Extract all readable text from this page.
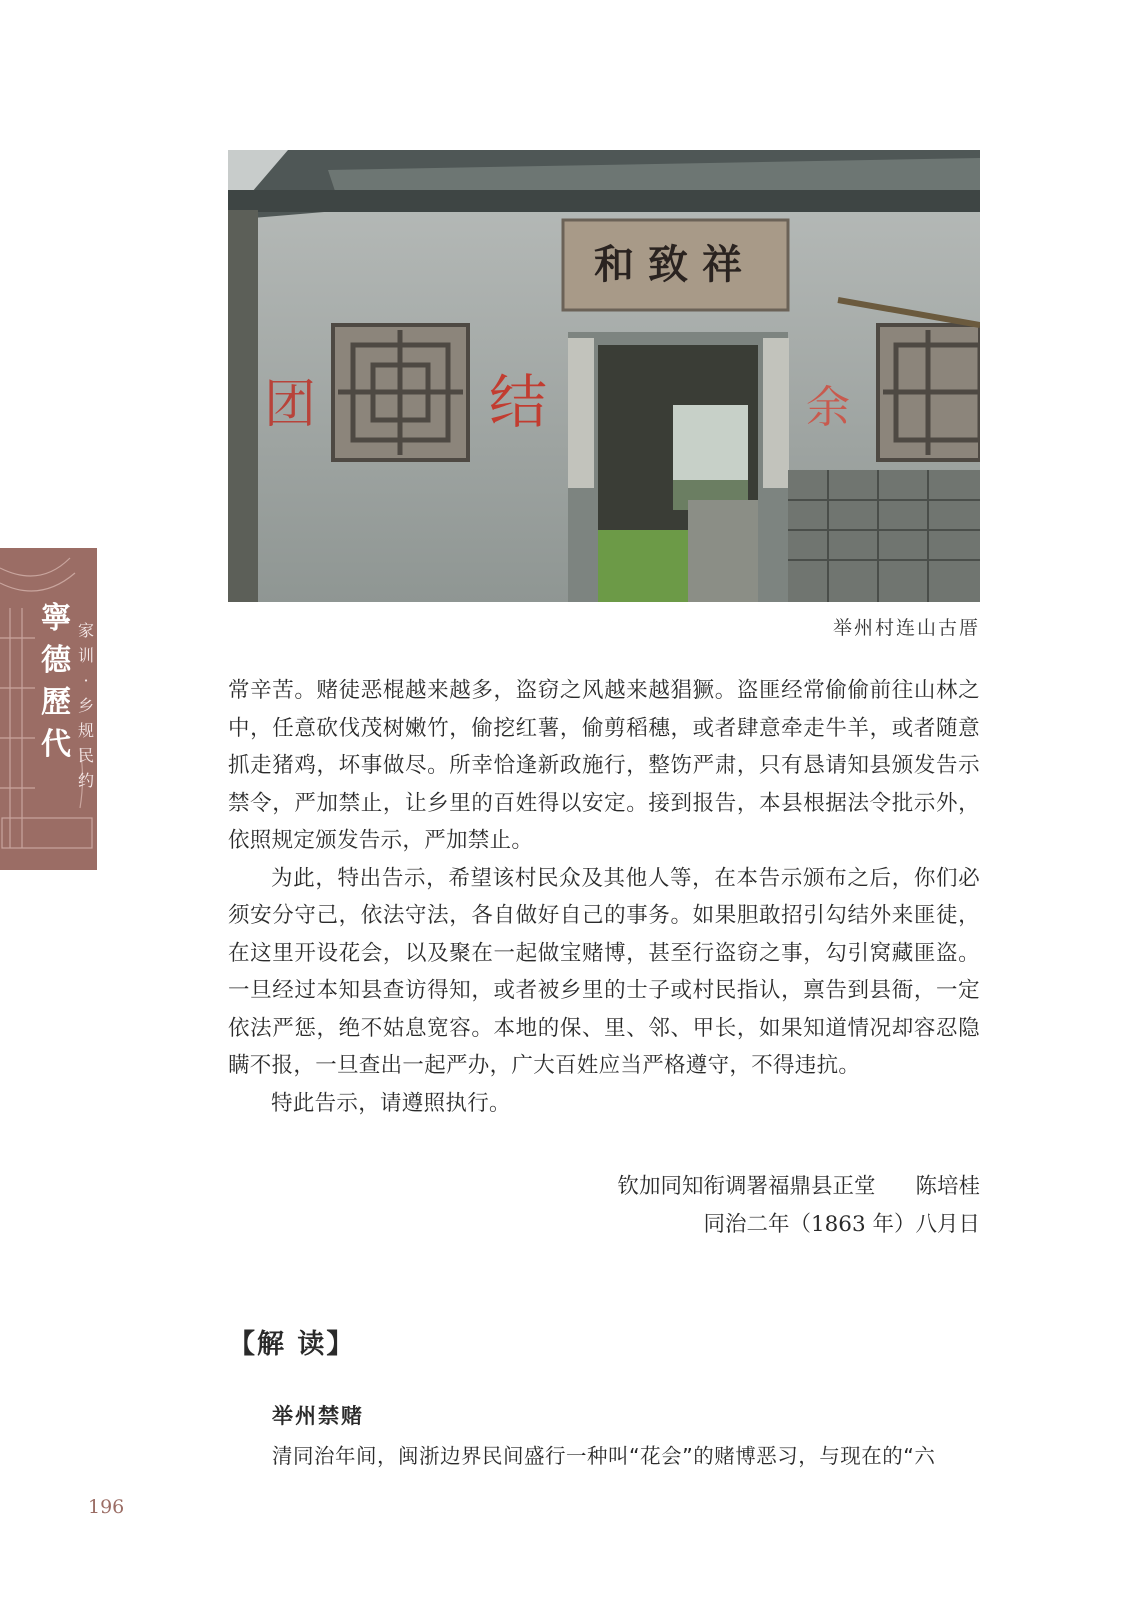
和致祥
团	结	余
举州村连山古厝
寧
德
歷
代
家
训
·
乡
规
民
约

常辛苦。赌徒恶棍越来越多，盗窃之风越来越猖獗。盗匪经常偷偷前往山林之中，任意砍伐茂树嫩竹，偷挖红薯，偷剪稻穗，或者肆意牵走牛羊，或者随意抓走猪鸡，坏事做尽。所幸恰逢新政施行，整饬严肃，只有恳请知县颁发告示禁令，严加禁止，让乡里的百姓得以安定。接到报告，本县根据法令批示外，依照规定颁发告示，严加禁止。

为此，特出告示，希望该村民众及其他人等，在本告示颁布之后，你们必须安分守己，依法守法，各自做好自己的事务。如果胆敢招引勾结外来匪徒，在这里开设花会，以及聚在一起做宝赌博，甚至行盗窃之事，勾引窝藏匪盗。一旦经过本知县查访得知，或者被乡里的士子或村民指认，禀告到县衙，一定依法严惩，绝不姑息宽容。本地的保、里、邻、甲长，如果知道情况却容忍隐瞒不报，一旦查出一起严办，广大百姓应当严格遵守，不得违抗。

特此告示，请遵照执行。

钦加同知衔调署福鼎县正堂 陈培桂
同治二年（1863 年）八月日
【解 读】
举州禁赌
清同治年间，闽浙边界民间盛行一种叫“花会”的赌博恶习，与现在的“六
196
